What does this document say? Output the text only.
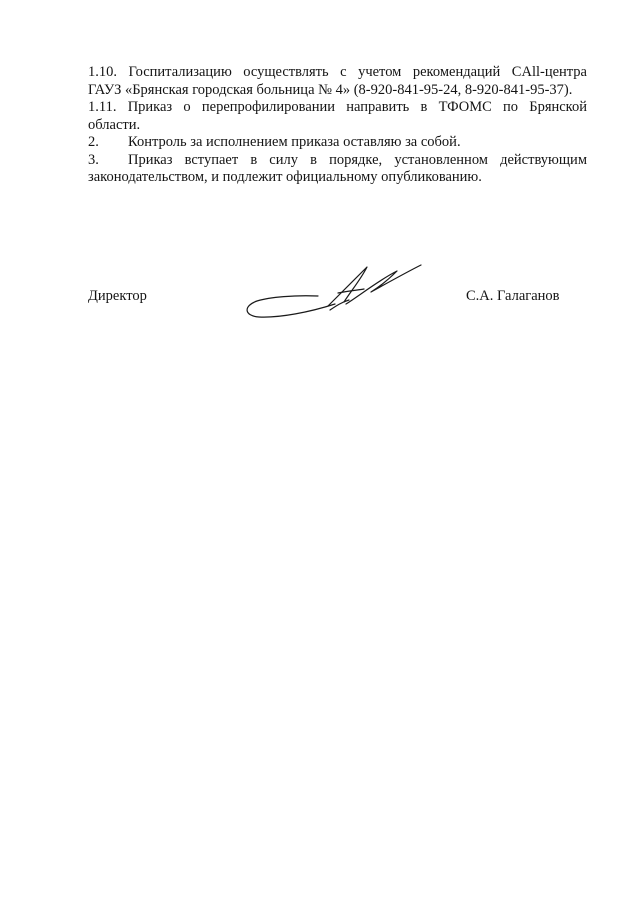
1.10. Госпитализацию осуществлять с учетом рекомендаций CAll-центра
ГАУЗ «Брянская городская больница № 4» (8-920-841-95-24, 8-920-841-95-37).
1.11. Приказ о перепрофилировании направить в ТФОМС по Брянской
области.
2. Контроль за исполнением приказа оставляю за собой.
3. Приказ вступает в силу в порядке, установленном действующим
законодательством, и подлежит официальному опубликованию.
Директор	С.А. Галаганов
